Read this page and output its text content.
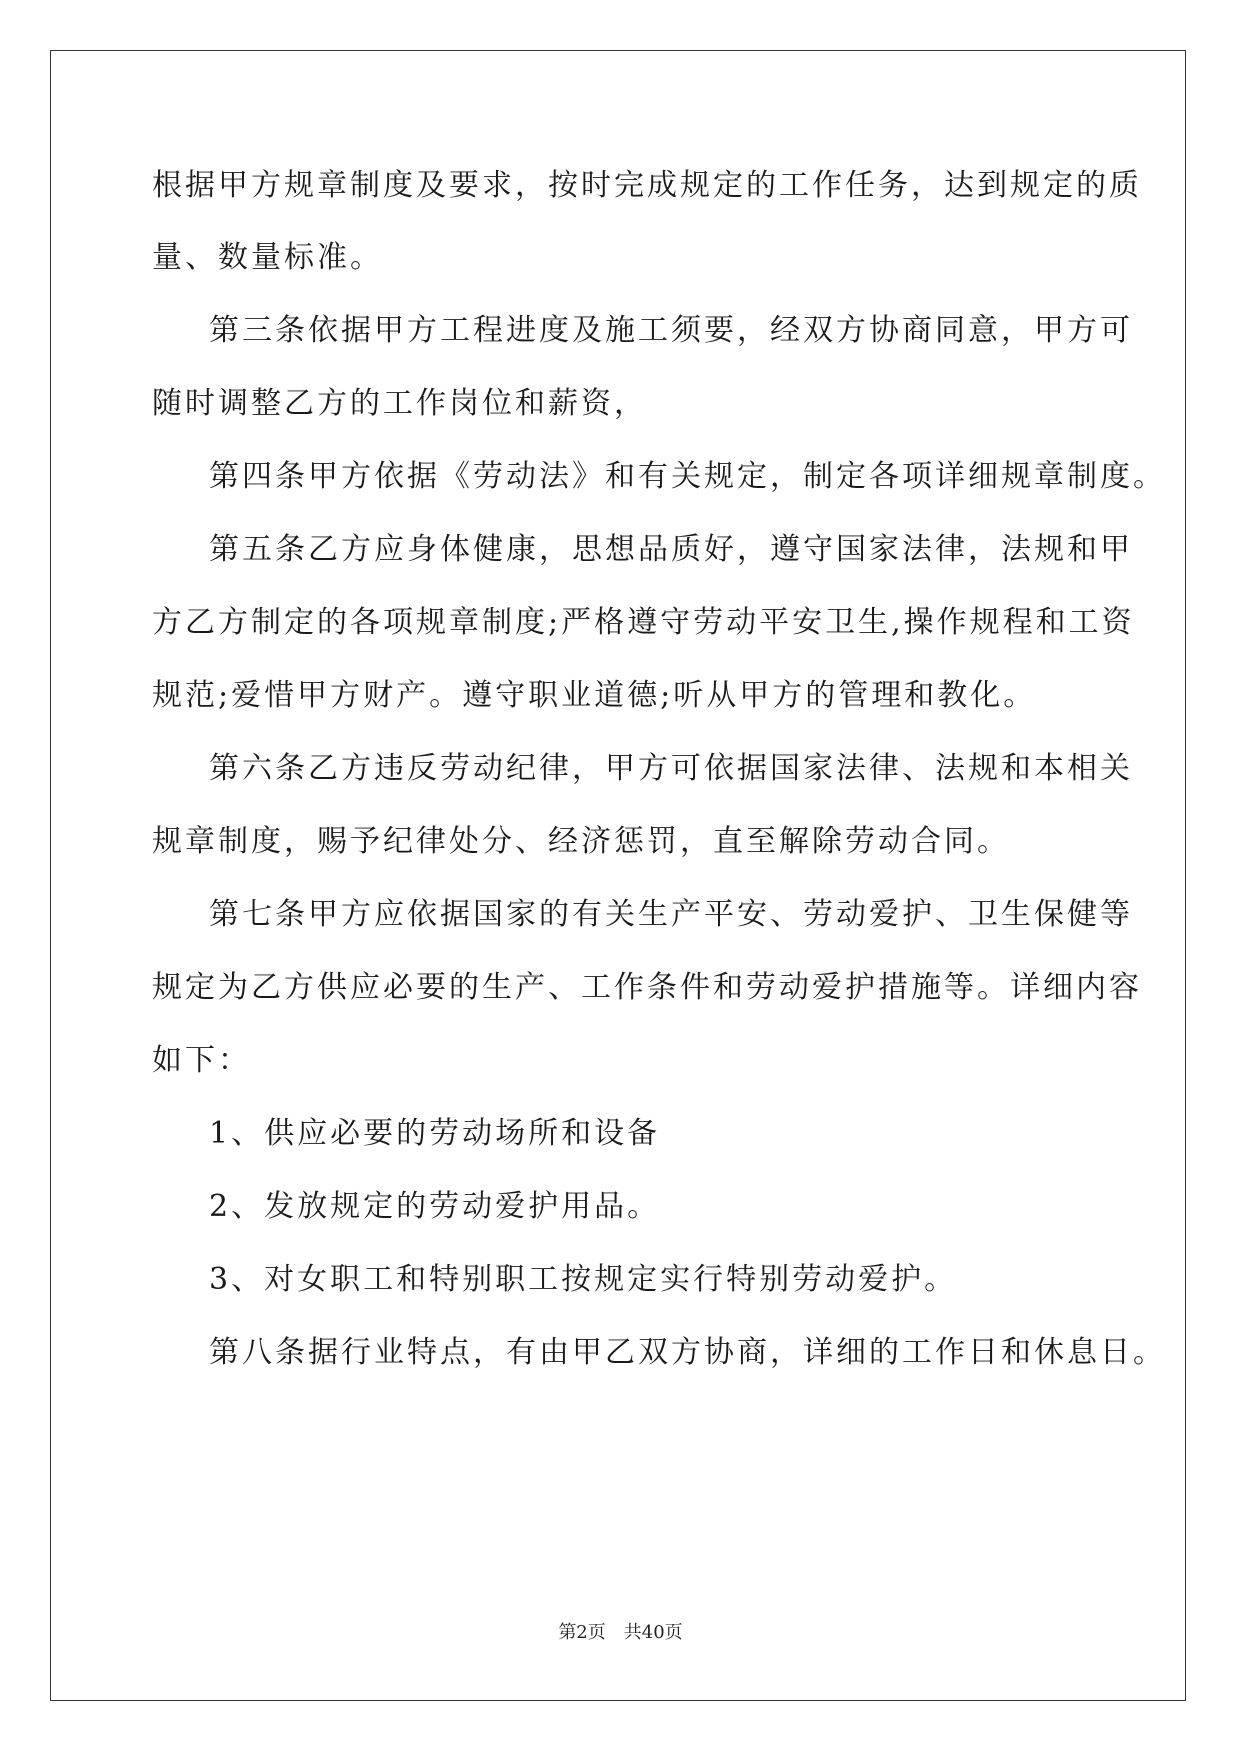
根据甲方规章制度及要求，按时完成规定的工作任务，达到规定的质
量、数量标准。
第三条依据甲方工程进度及施工须要，经双方协商同意，甲方可
随时调整乙方的工作岗位和薪资，
第四条甲方依据《劳动法》和有关规定，制定各项详细规章制度。
第五条乙方应身体健康，思想品质好，遵守国家法律，法规和甲
方乙方制定的各项规章制度;严格遵守劳动平安卫生,操作规程和工资
规范;爱惜甲方财产。遵守职业道德;听从甲方的管理和教化。
第六条乙方违反劳动纪律，甲方可依据国家法律、法规和本相关
规章制度，赐予纪律处分、经济惩罚，直至解除劳动合同。
第七条甲方应依据国家的有关生产平安、劳动爱护、卫生保健等
规定为乙方供应必要的生产、工作条件和劳动爱护措施等。详细内容
如下：
1、供应必要的劳动场所和设备
2、发放规定的劳动爱护用品。
3、对女职工和特别职工按规定实行特别劳动爱护。
第八条据行业特点，有由甲乙双方协商，详细的工作日和休息日。
第2页　共40页
